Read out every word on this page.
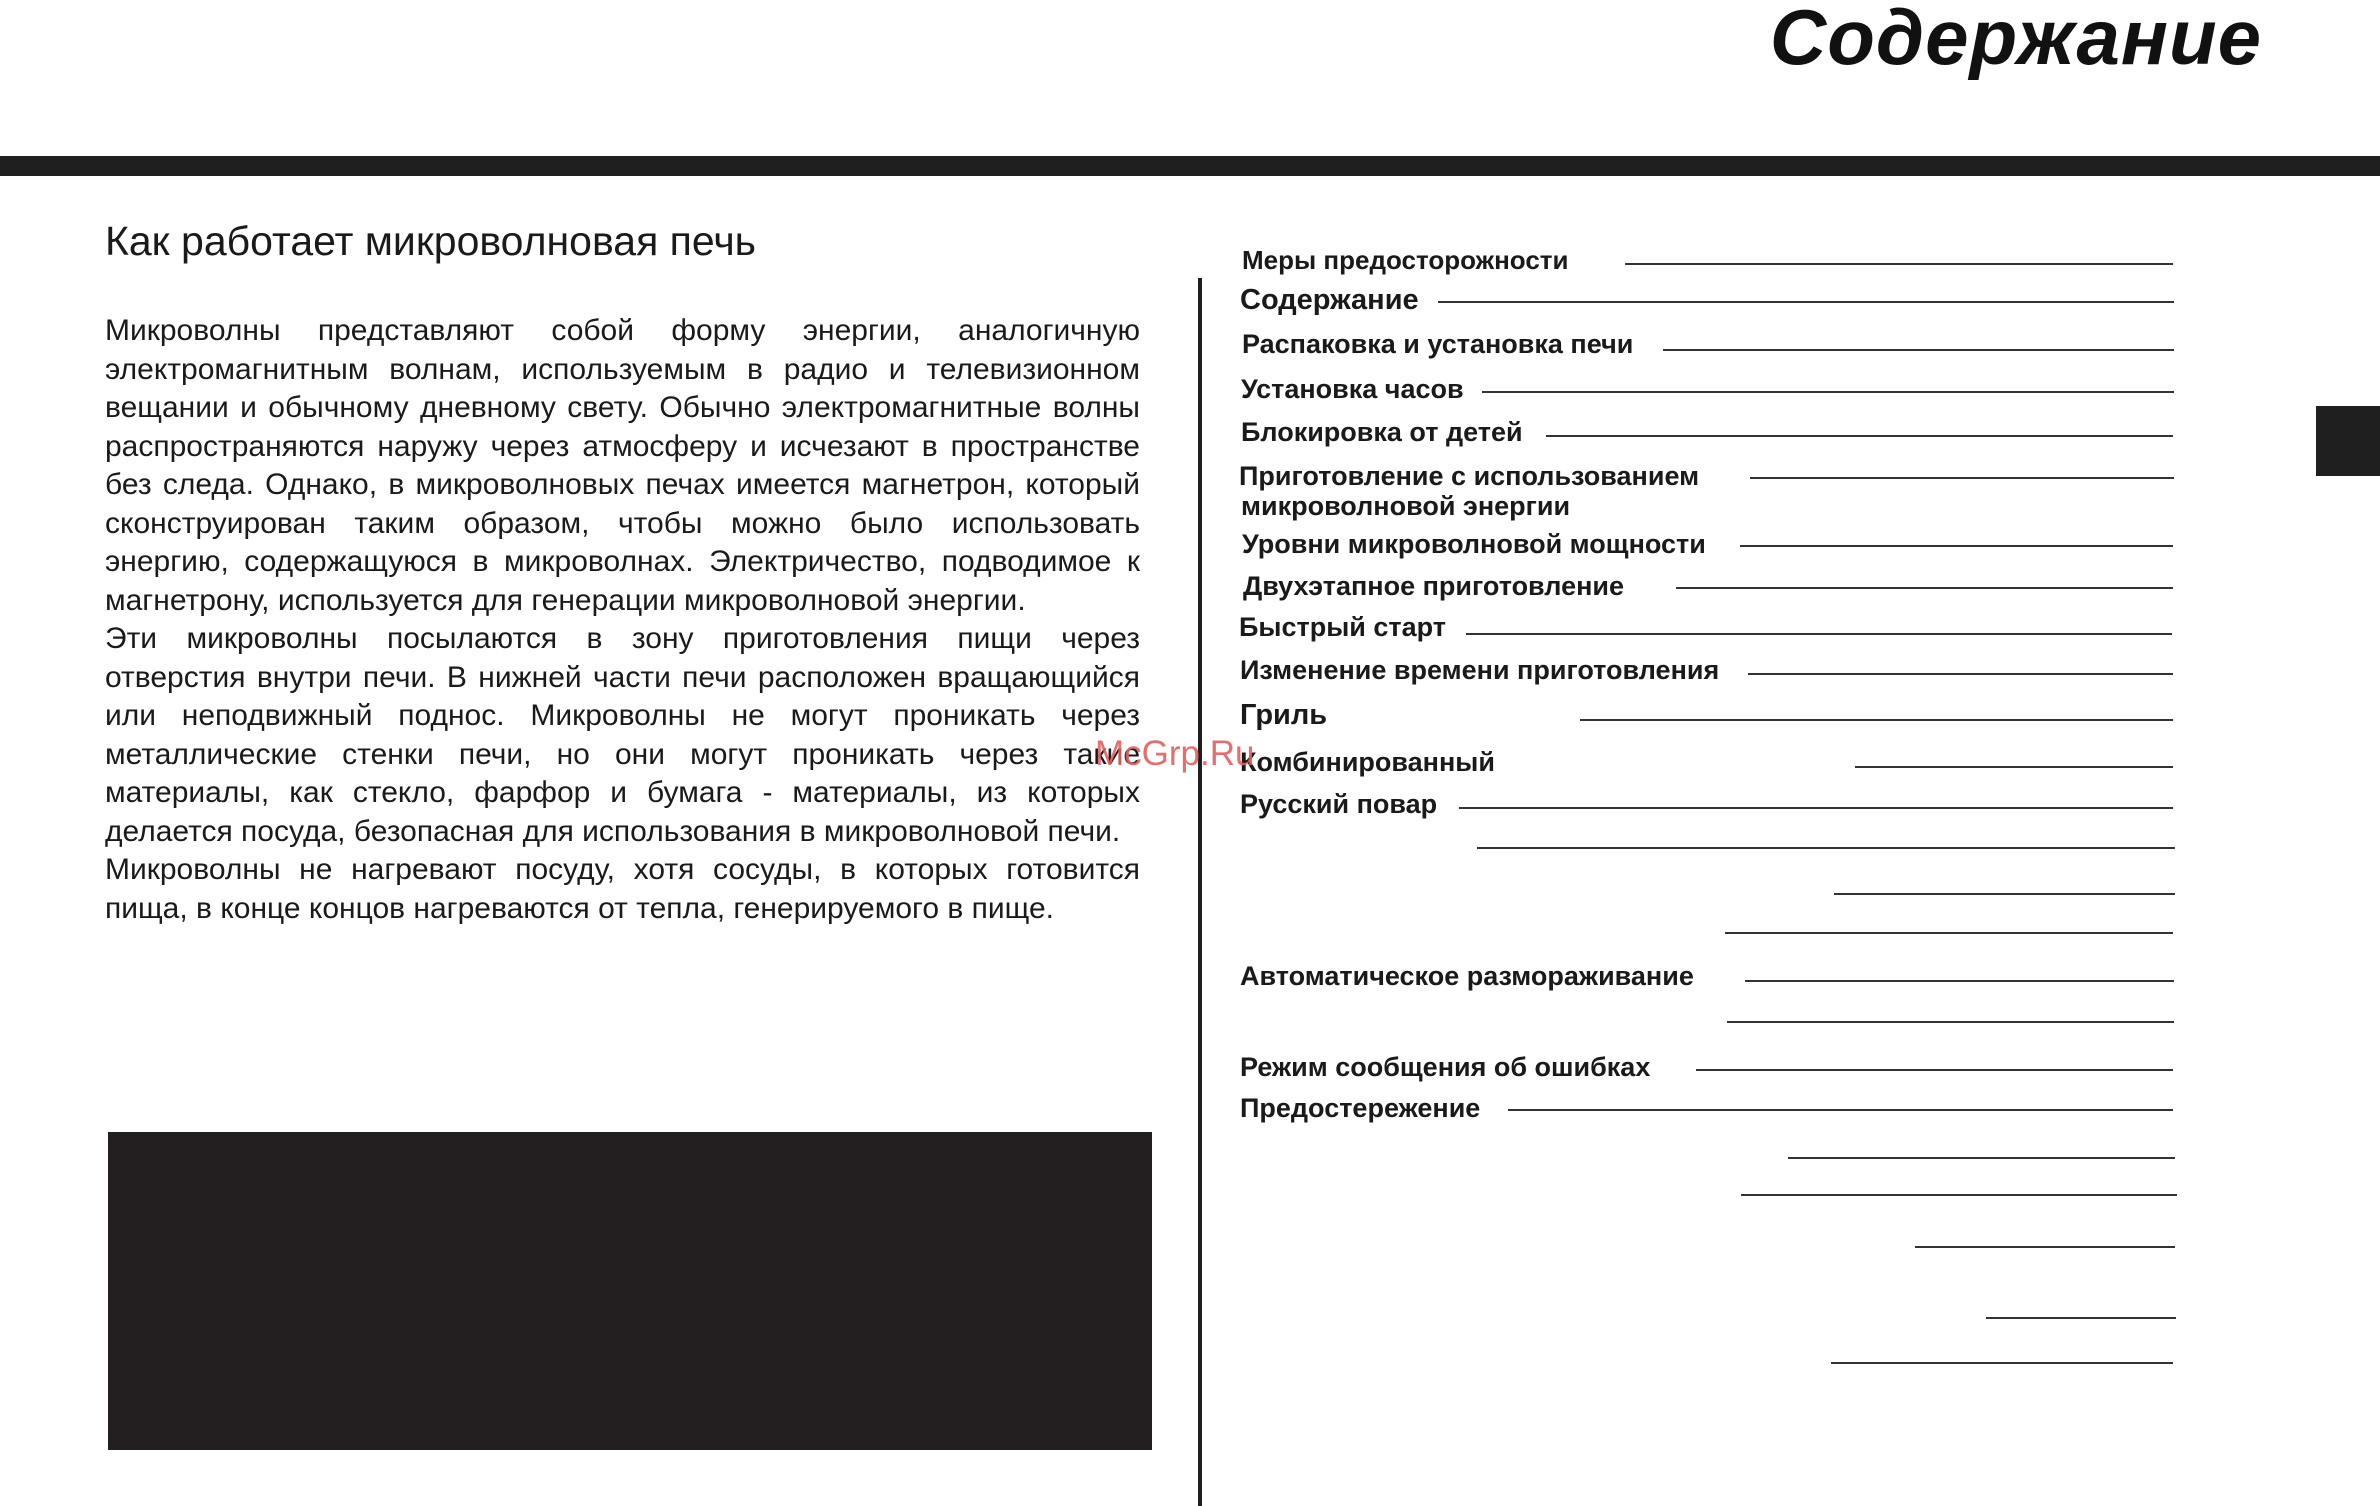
Содержание
Как работает микроволновая печь

Микроволны представляют собой форму энергии, аналогичную электромагнитным волнам, используемым в радио и телевизионном вещании и обычному дневному свету. Обычно электромагнитные волны распространяются наружу через атмосферу и исчезают в пространстве без следа. Однако, в микроволновых печах имеется магнетрон, который сконструирован таким образом, чтобы можно было использовать энергию, содержащуюся в микроволнах. Электричество, подводимое к магнетрону, используется для генерации микроволновой энергии.

Эти микроволны посылаются в зону приготовления пищи через отверстия внутри печи. В нижней части печи расположен вращающийся или неподвижный поднос. Микроволны не могут проникать через металлические стенки печи, но они могут проникать через такие материалы, как стекло, фарфор и бумага - материалы, из которых делается посуда, безопасная для использования в микроволновой печи.

Микроволны не нагревают посуду, хотя сосуды, в которых готовится пища, в конце концов нагреваются от тепла, генерируемого в пище.

Меры предосторожности
Содержание
Распаковка и установка печи
Установка часов
Блокировка от детей
Приготовление с использованием
микроволновой энергии
Уровни микроволновой мощности
Двухэтапное приготовление
Быстрый старт
Изменение времени приготовления
Гриль
Комбинированный
Русский повар
Автоматическое размораживание
Режим сообщения об ошибках
Предостережение
McGrp.Ru
